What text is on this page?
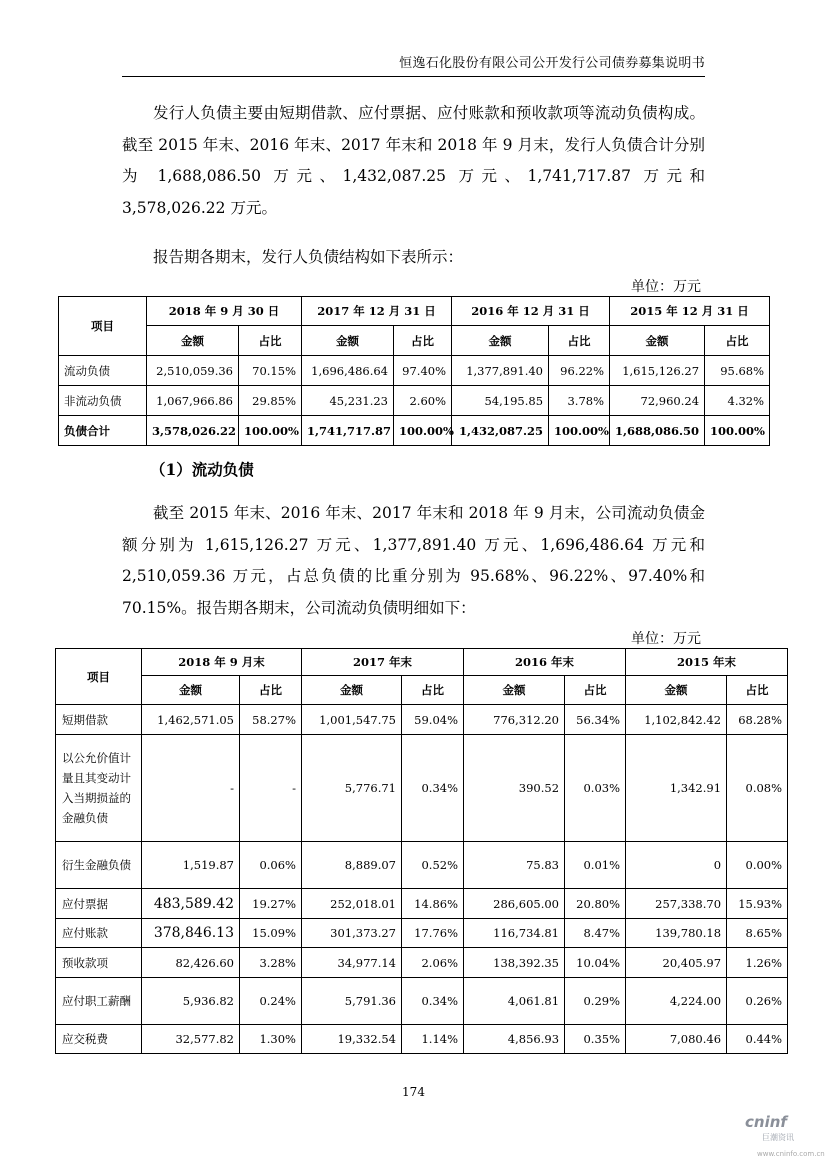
恒逸石化股份有限公司公开发行公司债券募集说明书
发行人负债主要由短期借款、应付票据、应付账款和预收款项等流动负债构成。截至 2015 年末、2016 年末、2017 年末和 2018 年 9 月末，发行人负债合计分别为 1,688,086.50 万元、1,432,087.25 万元、1,741,717.87 万元和 3,578,026.22 万元。
报告期各期末，发行人负债结构如下表所示：
单位：万元
项目	2018 年 9 月 30 日		2017 年 12 月 31 日		2016 年 12 月 31 日		2015 年 12 月 31 日	
	金额	占比	金额	占比	金额	占比	金额	占比
流动负债	2,510,059.36	70.15%	1,696,486.64	97.40%	1,377,891.40	96.22%	1,615,126.27	95.68%
非流动负债	1,067,966.86	29.85%	45,231.23	2.60%	54,195.85	3.78%	72,960.24	4.32%
负债合计	3,578,026.22	100.00%	1,741,717.87	100.00%	1,432,087.25	100.00%	1,688,086.50	100.00%
（1）流动负债
截至 2015 年末、2016 年末、2017 年末和 2018 年 9 月末，公司流动负债金额分别为 1,615,126.27 万元、1,377,891.40 万元、1,696,486.64 万元和 2,510,059.36 万元，占总负债的比重分别为 95.68%、96.22%、97.40%和 70.15%。报告期各期末，公司流动负债明细如下：
单位：万元
项目	2018 年 9 月末		2017 年末		2016 年末		2015 年末	
	金额	占比	金额	占比	金额	占比	金额	占比
短期借款	1,462,571.05	58.27%	1,001,547.75	59.04%	776,312.20	56.34%	1,102,842.42	68.28%
以公允价值计量且其变动计入当期损益的金融负债	-	-	5,776.71	0.34%	390.52	0.03%	1,342.91	0.08%
衍生金融负债	1,519.87	0.06%	8,889.07	0.52%	75.83	0.01%	0	0.00%
应付票据	483,589.42	19.27%	252,018.01	14.86%	286,605.00	20.80%	257,338.70	15.93%
应付账款	378,846.13	15.09%	301,373.27	17.76%	116,734.81	8.47%	139,780.18	8.65%
预收款项	82,426.60	3.28%	34,977.14	2.06%	138,392.35	10.04%	20,405.97	1.26%
应付职工薪酬	5,936.82	0.24%	5,791.36	0.34%	4,061.81	0.29%	4,224.00	0.26%
应交税费	32,577.82	1.30%	19,332.54	1.14%	4,856.93	0.35%	7,080.46	0.44%
174
cninf
巨潮资讯
www.cninfo.com.cn
